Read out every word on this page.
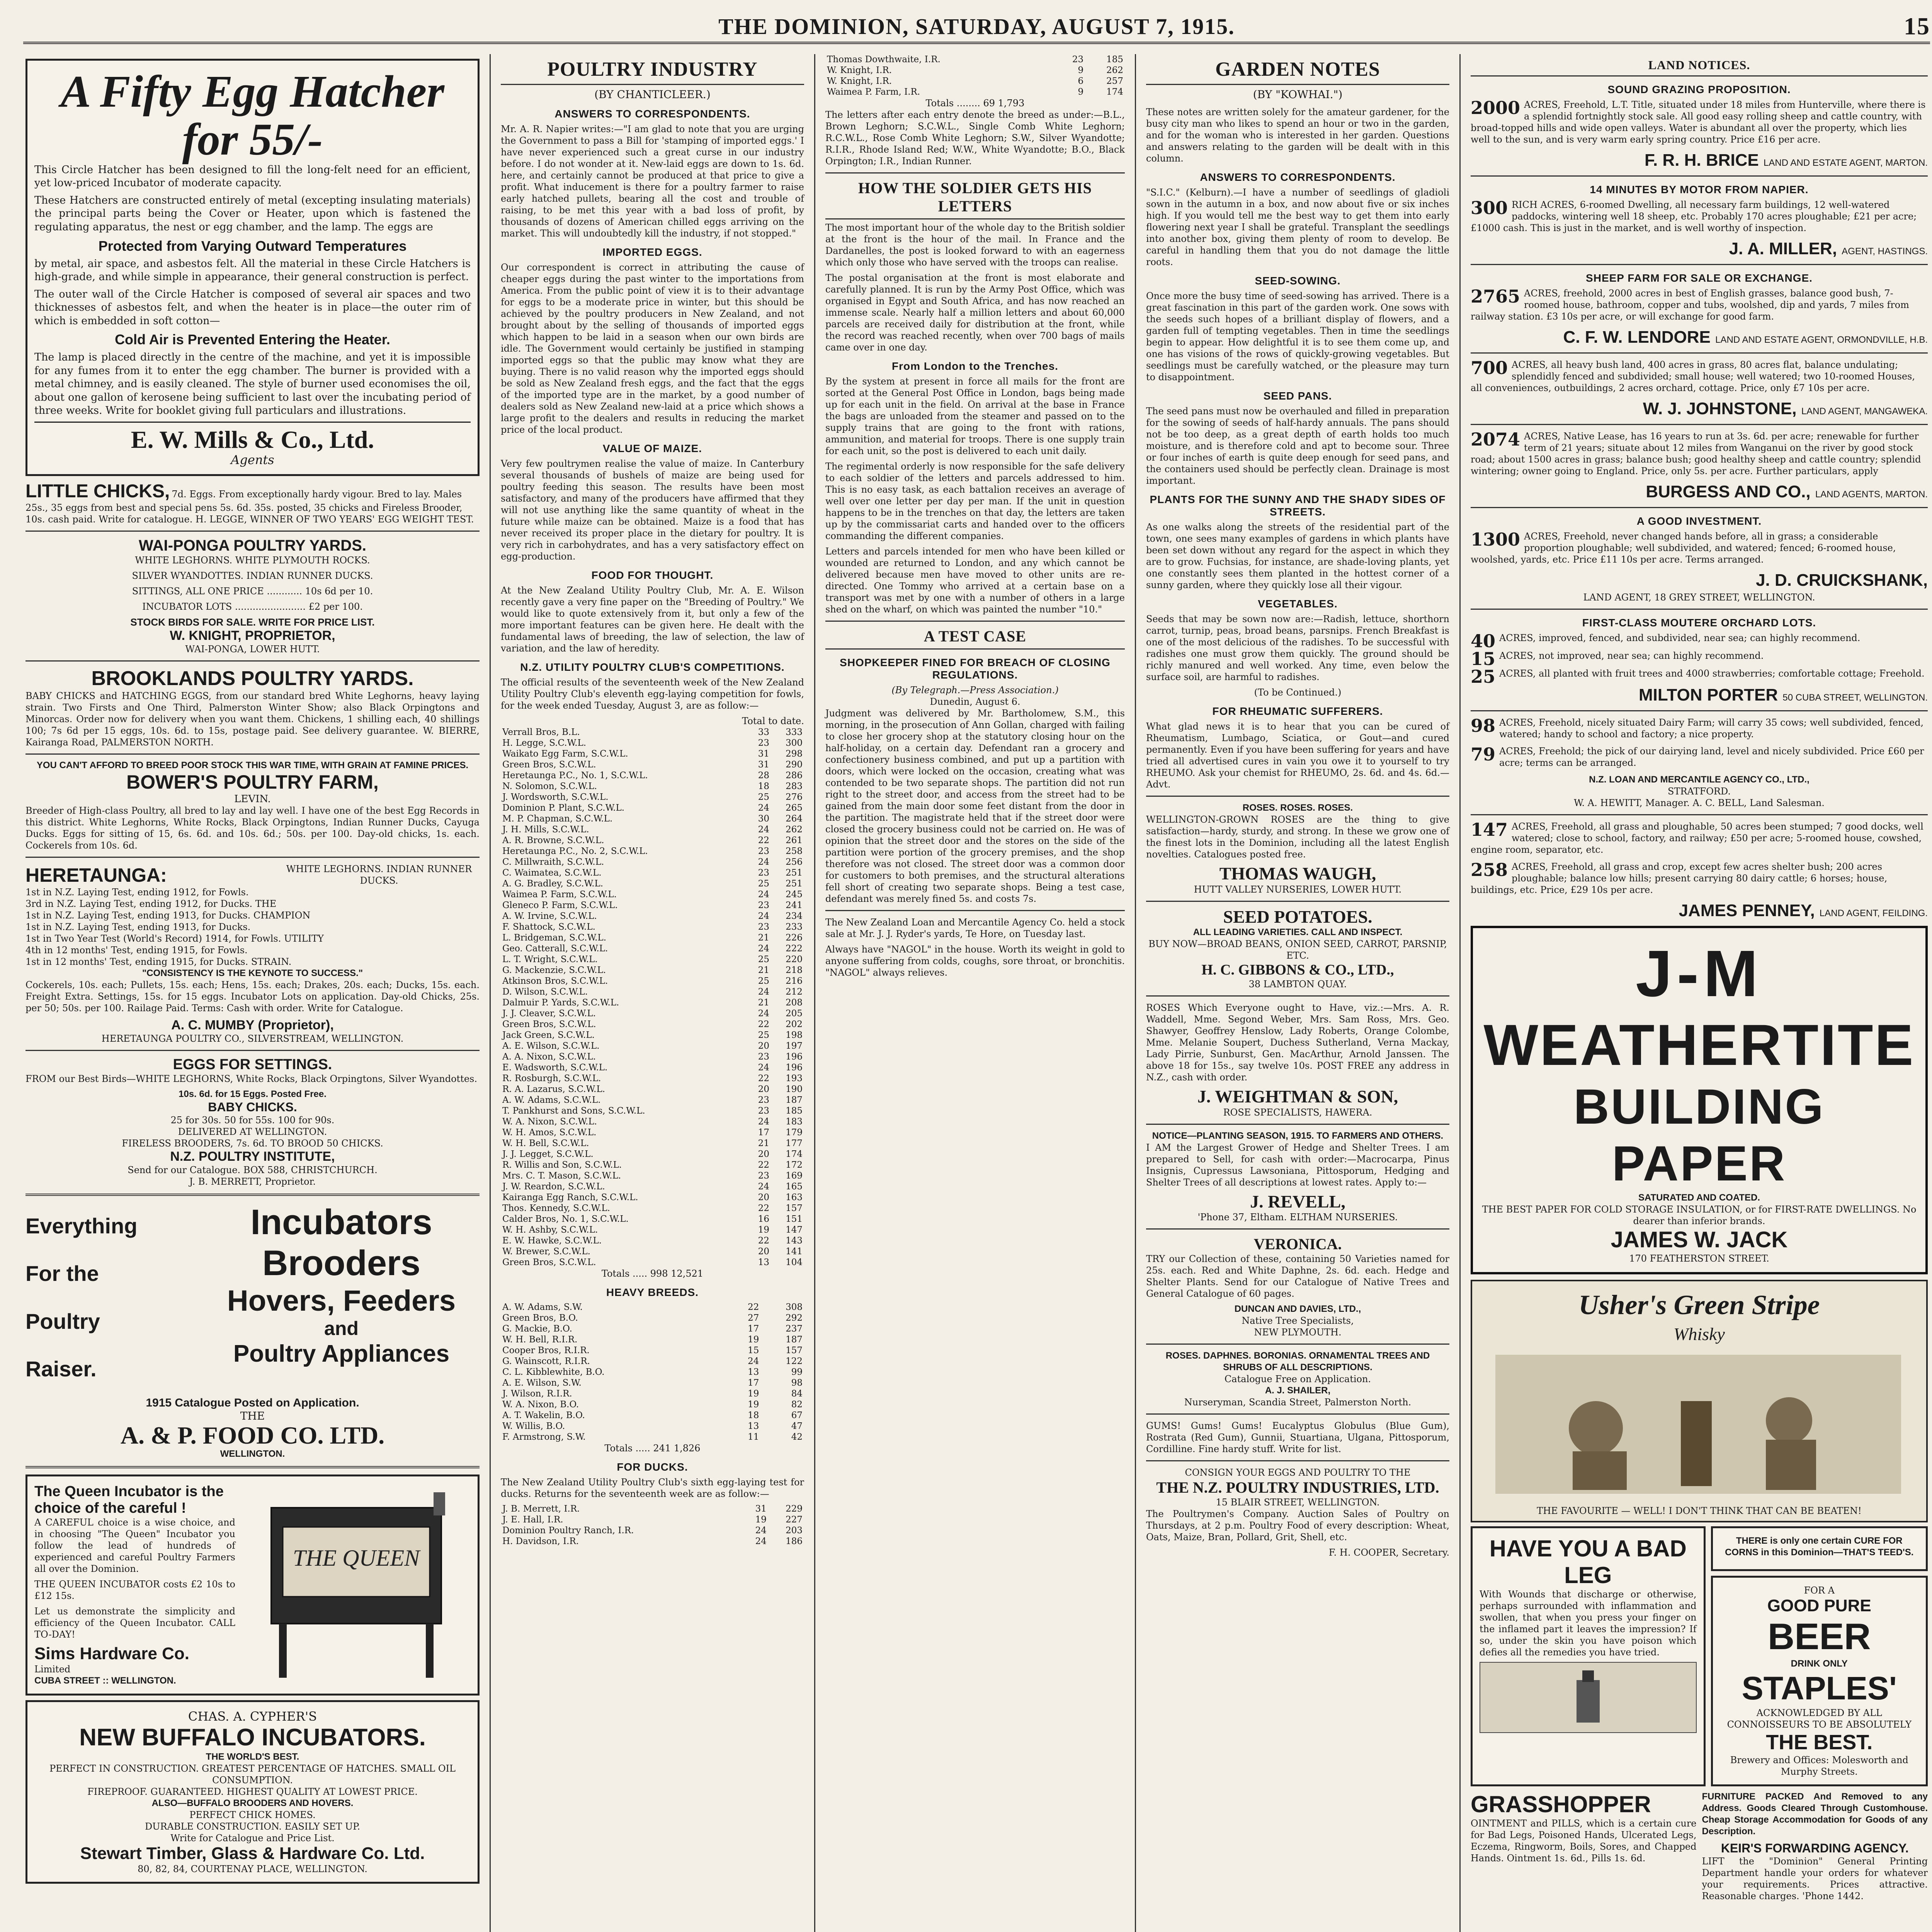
THE DOMINION, SATURDAY, AUGUST 7, 1915.	15
A Fifty Egg Hatcher for 55/-

This Circle Hatcher has been designed to fill the long-felt need for an efficient, yet low-priced Incubator of moderate capacity.

These Hatchers are constructed entirely of metal (excepting insulating materials) the principal parts being the Cover or Heater, upon which is fastened the regulating apparatus, the nest or egg chamber, and the lamp. The eggs are

Protected from Varying Outward Temperatures

by metal, air space, and asbestos felt. All the material in these Circle Hatchers is high-grade, and while simple in appearance, their general construction is perfect.

The outer wall of the Circle Hatcher is composed of several air spaces and two thicknesses of asbestos felt, and when the heater is in place—the outer rim of which is embedded in soft cotton—

Cold Air is Prevented Entering the Heater.

The lamp is placed directly in the centre of the machine, and yet it is impossible for any fumes from it to enter the egg chamber. The burner is provided with a metal chimney, and is easily cleaned. The style of burner used economises the oil, about one gallon of kerosene being sufficient to last over the incubating period of three weeks. Write for booklet giving full particulars and illustrations.

E. W. Mills & Co., Ltd.
Agents
LITTLE CHICKS, 7d. Eggs. From exceptionally hardy vigour. Bred to lay. Males 25s., 35 eggs from best and special pens 5s. 6d. 35s. posted, 35 chicks and Fireless Brooder, 10s. cash paid. Write for catalogue. H. LEGGE, WINNER OF TWO YEARS' EGG WEIGHT TEST.
WAI-PONGA POULTRY YARDS.
WHITE LEGHORNS. WHITE PLYMOUTH ROCKS.
SILVER WYANDOTTES. INDIAN RUNNER DUCKS.
SITTINGS, ALL ONE PRICE ............ 10s 6d per 10.
INCUBATOR LOTS ........................ £2 per 100.
STOCK BIRDS FOR SALE. WRITE FOR PRICE LIST.
W. KNIGHT, PROPRIETOR,
WAI-PONGA, LOWER HUTT.
BROOKLANDS POULTRY YARDS.

BABY CHICKS and HATCHING EGGS, from our standard bred White Leghorns, heavy laying strain. Two Firsts and One Third, Palmerston Winter Show; also Black Orpingtons and Minorcas. Order now for delivery when you want them. Chickens, 1 shilling each, 40 shillings 100; 7s 6d per 15 eggs, 10s. 6d. to 15s, postage paid. See delivery guarantee. W. BIERRE, Kairanga Road, PALMERSTON NORTH.

YOU CAN'T AFFORD TO BREED POOR STOCK THIS WAR TIME, WITH GRAIN AT FAMINE PRICES.
BOWER'S POULTRY FARM,
LEVIN.

Breeder of High-class Poultry, all bred to lay and lay well. I have one of the best Egg Records in this district. White Leghorns, White Rocks, Black Orpingtons, Indian Runner Ducks, Cayuga Ducks. Eggs for sitting of 15, 6s. 6d. and 10s. 6d.; 50s. per 100. Day-old chicks, 1s. each. Cockerels from 10s. 6d.

HERETAUNGA:	WHITE LEGHORNS. INDIAN RUNNER DUCKS.
1st in N.Z. Laying Test, ending 1912, for Fowls.
3rd in N.Z. Laying Test, ending 1912, for Ducks. THE
1st in N.Z. Laying Test, ending 1913, for Ducks. CHAMPION
1st in N.Z. Laying Test, ending 1913, for Ducks.
1st in Two Year Test (World's Record) 1914, for Fowls. UTILITY
4th in 12 months' Test, ending 1915, for Fowls.
1st in 12 months' Test, ending 1915, for Ducks. STRAIN.
"CONSISTENCY IS THE KEYNOTE TO SUCCESS."

Cockerels, 10s. each; Pullets, 15s. each; Hens, 15s. each; Drakes, 20s. each; Ducks, 15s. each. Freight Extra. Settings, 15s. for 15 eggs. Incubator Lots on application. Day-old Chicks, 25s. per 50; 50s. per 100. Railage Paid. Terms: Cash with order. Write for Catalogue.

A. C. MUMBY (Proprietor),
HERETAUNGA POULTRY CO., SILVERSTREAM, WELLINGTON.
EGGS FOR SETTINGS.

FROM our Best Birds—WHITE LEGHORNS, White Rocks, Black Orpingtons, Silver Wyandottes.

10s. 6d. for 15 Eggs. Posted Free.
BABY CHICKS.
25 for 30s. 50 for 55s. 100 for 90s.
DELIVERED AT WELLINGTON.
FIRELESS BROODERS, 7s. 6d. TO BROOD 50 CHICKS.
N.Z. POULTRY INSTITUTE,
Send for our Catalogue. BOX 588, CHRISTCHURCH.
J. B. MERRETT, Proprietor.
Everything
For the
Poultry
Raiser.
Incubators
Brooders
Hovers, Feeders
and
Poultry Appliances
1915 Catalogue Posted on Application.
THE
A. & P. FOOD CO. LTD.
WELLINGTON.
The Queen Incubator is the choice of the careful !

A CAREFUL choice is a wise choice, and in choosing "The Queen" Incubator you follow the lead of hundreds of experienced and careful Poultry Farmers all over the Dominion.

THE QUEEN INCUBATOR costs £2 10s to £12 15s.

Let us demonstrate the simplicity and efficiency of the Queen Incubator. CALL TO-DAY!

Sims Hardware Co.
Limited
CUBA STREET :: WELLINGTON.
THE QUEEN
CHAS. A. CYPHER'S
NEW BUFFALO INCUBATORS.
THE WORLD'S BEST.
PERFECT IN CONSTRUCTION. GREATEST PERCENTAGE OF HATCHES. SMALL OIL CONSUMPTION.
FIREPROOF. GUARANTEED. HIGHEST QUALITY AT LOWEST PRICE.
ALSO—BUFFALO BROODERS AND HOVERS.
PERFECT CHICK HOMES.
DURABLE CONSTRUCTION. EASILY SET UP.
Write for Catalogue and Price List.
Stewart Timber, Glass & Hardware Co. Ltd.
80, 82, 84, COURTENAY PLACE, WELLINGTON.
POULTRY INDUSTRY
(BY CHANTICLEER.)
ANSWERS TO CORRESPONDENTS.

Mr. A. R. Napier writes:—"I am glad to note that you are urging the Government to pass a Bill for 'stamping of imported eggs.' I have never experienced such a great curse in our industry before. I do not wonder at it. New-laid eggs are down to 1s. 6d. here, and certainly cannot be produced at that price to give a profit. What inducement is there for a poultry farmer to raise early hatched pullets, bearing all the cost and trouble of raising, to be met this year with a bad loss of profit, by thousands of dozens of American chilled eggs arriving on the market. This will undoubtedly kill the industry, if not stopped."

IMPORTED EGGS.

Our correspondent is correct in attributing the cause of cheaper eggs during the past winter to the importations from America. From the public point of view it is to their advantage for eggs to be a moderate price in winter, but this should be achieved by the poultry producers in New Zealand, and not brought about by the selling of thousands of imported eggs which happen to be laid in a season when our own birds are idle. The Government would certainly be justified in stamping imported eggs so that the public may know what they are buying. There is no valid reason why the imported eggs should be sold as New Zealand fresh eggs, and the fact that the eggs of the imported type are in the market, by a good number of dealers sold as New Zealand new-laid at a price which shows a large profit to the dealers and results in reducing the market price of the local product.

VALUE OF MAIZE.

Very few poultrymen realise the value of maize. In Canterbury several thousands of bushels of maize are being used for poultry feeding this season. The results have been most satisfactory, and many of the producers have affirmed that they will not use anything like the same quantity of wheat in the future while maize can be obtained. Maize is a food that has never received its proper place in the dietary for poultry. It is very rich in carbohydrates, and has a very satisfactory effect on egg-production.

FOOD FOR THOUGHT.

At the New Zealand Utility Poultry Club, Mr. A. E. Wilson recently gave a very fine paper on the "Breeding of Poultry." We would like to quote extensively from it, but only a few of the more important features can be given here. He dealt with the fundamental laws of breeding, the law of selection, the law of variation, and the law of heredity.

N.Z. UTILITY POULTRY CLUB'S COMPETITIONS.

The official results of the seventeenth week of the New Zealand Utility Poultry Club's eleventh egg-laying competition for fowls, for the week ended Tuesday, August 3, are as follow:—

Total to date.
Verrall Bros, B.L.	33	333
H. Legge, S.C.W.L.	23	300
Waikato Egg Farm, S.C.W.L.	31	298
Green Bros, S.C.W.L.	31	290
Heretaunga P.C., No. 1, S.C.W.L.	28	286
N. Solomon, S.C.W.L.	18	283
J. Wordsworth, S.C.W.L.	25	276
Dominion P. Plant, S.C.W.L.	24	265
M. P. Chapman, S.C.W.L.	30	264
J. H. Mills, S.C.W.L.	24	262
A. R. Browne, S.C.W.L.	22	261
Heretaunga P.C., No. 2, S.C.W.L.	23	258
C. Millwraith, S.C.W.L.	24	256
C. Waimatea, S.C.W.L.	23	251
A. G. Bradley, S.C.W.L.	25	251
Waimea P. Farm, S.C.W.L.	24	245
Gleneco P. Farm, S.C.W.L.	23	241
A. W. Irvine, S.C.W.L.	24	234
F. Shattock, S.C.W.L.	23	233
L. Bridgeman, S.C.W.L.	21	226
Geo. Catterall, S.C.W.L.	24	222
L. T. Wright, S.C.W.L.	25	220
G. Mackenzie, S.C.W.L.	21	218
Atkinson Bros, S.C.W.L.	25	216
D. Wilson, S.C.W.L.	24	212
Dalmuir P. Yards, S.C.W.L.	21	208
J. J. Cleaver, S.C.W.L.	24	205
Green Bros, S.C.W.L.	22	202
Jack Green, S.C.W.L.	25	198
A. E. Wilson, S.C.W.L.	20	197
A. A. Nixon, S.C.W.L.	23	196
E. Wadsworth, S.C.W.L.	24	196
R. Rosburgh, S.C.W.L.	22	193
R. A. Lazarus, S.C.W.L.	20	190
A. W. Adams, S.C.W.L.	23	187
T. Pankhurst and Sons, S.C.W.L.	23	185
W. A. Nixon, S.C.W.L.	24	183
W. H. Amos, S.C.W.L.	17	179
W. H. Bell, S.C.W.L.	21	177
J. J. Legget, S.C.W.L.	20	174
R. Willis and Son, S.C.W.L.	22	172
Mrs. C. T. Mason, S.C.W.L.	23	169
J. W. Reardon, S.C.W.L.	24	165
Kairanga Egg Ranch, S.C.W.L.	20	163
Thos. Kennedy, S.C.W.L.	22	157
Calder Bros, No. 1, S.C.W.L.	16	151
W. H. Ashby, S.C.W.L.	19	147
E. W. Hawke, S.C.W.L.	22	143
W. Brewer, S.C.W.L.	20	141
Green Bros, S.C.W.L.	13	104
Totals ..... 998 12,521
HEAVY BREEDS.
A. W. Adams, S.W.	22	308
Green Bros, B.O.	27	292
G. Mackie, B.O.	17	237
W. H. Bell, R.I.R.	19	187
Cooper Bros, R.I.R.	15	157
G. Wainscott, R.I.R.	24	122
C. L. Kibblewhite, B.O.	13	99
A. E. Wilson, S.W.	17	98
J. Wilson, R.I.R.	19	84
W. A. Nixon, B.O.	19	82
A. T. Wakelin, B.O.	18	67
W. Willis, B.O.	13	47
F. Armstrong, S.W.	11	42
Totals ..... 241 1,826
FOR DUCKS.

The New Zealand Utility Poultry Club's sixth egg-laying test for ducks. Returns for the seventeenth week are as follow:—

J. B. Merrett, I.R.	31	229
J. E. Hall, I.R.	19	227
Dominion Poultry Ranch, I.R.	24	203
H. Davidson, I.R.	24	186
Thomas Dowthwaite, I.R.	23	185
W. Knight, I.R.	9	262
W. Knight, I.R.	6	257
Waimea P. Farm, I.R.	9	174
Totals ........ 69 1,793

The letters after each entry denote the breed as under:—B.L., Brown Leghorn; S.C.W.L., Single Comb White Leghorn; R.C.W.L., Rose Comb White Leghorn; S.W., Silver Wyandotte; R.I.R., Rhode Island Red; W.W., White Wyandotte; B.O., Black Orpington; I.R., Indian Runner.

HOW THE SOLDIER GETS HIS LETTERS

The most important hour of the whole day to the British soldier at the front is the hour of the mail. In France and the Dardanelles, the post is looked forward to with an eagerness which only those who have served with the troops can realise.

The postal organisation at the front is most elaborate and carefully planned. It is run by the Army Post Office, which was organised in Egypt and South Africa, and has now reached an immense scale. Nearly half a million letters and about 60,000 parcels are received daily for distribution at the front, while the record was reached recently, when over 700 bags of mails came over in one day.

From London to the Trenches.

By the system at present in force all mails for the front are sorted at the General Post Office in London, bags being made up for each unit in the field. On arrival at the base in France the bags are unloaded from the steamer and passed on to the supply trains that are going to the front with rations, ammunition, and material for troops. There is one supply train for each unit, so the post is delivered to each unit daily.

The regimental orderly is now responsible for the safe delivery to each soldier of the letters and parcels addressed to him. This is no easy task, as each battalion receives an average of well over one letter per day per man. If the unit in question happens to be in the trenches on that day, the letters are taken up by the commissariat carts and handed over to the officers commanding the different companies.

Letters and parcels intended for men who have been killed or wounded are returned to London, and any which cannot be delivered because men have moved to other units are re-directed. One Tommy who arrived at a certain base on a transport was met by one with a number of others in a large shed on the wharf, on which was painted the number "10."

A TEST CASE
SHOPKEEPER FINED FOR BREACH OF CLOSING REGULATIONS.
(By Telegraph.—Press Association.)
Dunedin, August 6.

Judgment was delivered by Mr. Bartholomew, S.M., this morning, in the prosecution of Ann Gollan, charged with failing to close her grocery shop at the statutory closing hour on the half-holiday, on a certain day. Defendant ran a grocery and confectionery business combined, and put up a partition with doors, which were locked on the occasion, creating what was contended to be two separate shops. The partition did not run right to the street door, and access from the street had to be gained from the main door some feet distant from the door in the partition. The magistrate held that if the street door were closed the grocery business could not be carried on. He was of opinion that the street door and the stores on the side of the partition were portion of the grocery premises, and the shop therefore was not closed. The street door was a common door for customers to both premises, and the structural alterations fell short of creating two separate shops. Being a test case, defendant was merely fined 5s. and costs 7s.

The New Zealand Loan and Mercantile Agency Co. held a stock sale at Mr. J. J. Ryder's yards, Te Hore, on Tuesday last.

Always have "NAGOL" in the house. Worth its weight in gold to anyone suffering from colds, coughs, sore throat, or bronchitis. "NAGOL" always relieves.

GARDEN NOTES
(BY "KOWHAI.")

These notes are written solely for the amateur gardener, for the busy city man who likes to spend an hour or two in the garden, and for the woman who is interested in her garden. Questions and answers relating to the garden will be dealt with in this column.

ANSWERS TO CORRESPONDENTS.

"S.I.C." (Kelburn).—I have a number of seedlings of gladioli sown in the autumn in a box, and now about five or six inches high. If you would tell me the best way to get them into early flowering next year I shall be grateful. Transplant the seedlings into another box, giving them plenty of room to develop. Be careful in handling them that you do not damage the little roots.

SEED-SOWING.

Once more the busy time of seed-sowing has arrived. There is a great fascination in this part of the garden work. One sows with the seeds such hopes of a brilliant display of flowers, and a garden full of tempting vegetables. Then in time the seedlings begin to appear. How delightful it is to see them come up, and one has visions of the rows of quickly-growing vegetables. But seedlings must be carefully watched, or the pleasure may turn to disappointment.

SEED PANS.

The seed pans must now be overhauled and filled in preparation for the sowing of seeds of half-hardy annuals. The pans should not be too deep, as a great depth of earth holds too much moisture, and is therefore cold and apt to become sour. Three or four inches of earth is quite deep enough for seed pans, and the containers used should be perfectly clean. Drainage is most important.

PLANTS FOR THE SUNNY AND THE SHADY SIDES OF STREETS.

As one walks along the streets of the residential part of the town, one sees many examples of gardens in which plants have been set down without any regard for the aspect in which they are to grow. Fuchsias, for instance, are shade-loving plants, yet one constantly sees them planted in the hottest corner of a sunny garden, where they quickly lose all their vigour.

VEGETABLES.

Seeds that may be sown now are:—Radish, lettuce, shorthorn carrot, turnip, peas, broad beans, parsnips. French Breakfast is one of the most delicious of the radishes. To be successful with radishes one must grow them quickly. The ground should be richly manured and well worked. Any time, even below the surface soil, are harmful to radishes.

(To be Continued.)
FOR RHEUMATIC SUFFERERS.

What glad news it is to hear that you can be cured of Rheumatism, Lumbago, Sciatica, or Gout—and cured permanently. Even if you have been suffering for years and have tried all advertised cures in vain you owe it to yourself to try RHEUMO. Ask your chemist for RHEUMO, 2s. 6d. and 4s. 6d.—Advt.

ROSES. ROSES. ROSES.

WELLINGTON-GROWN ROSES are the thing to give satisfaction—hardy, sturdy, and strong. In these we grow one of the finest lots in the Dominion, including all the latest English novelties. Catalogues posted free.

THOMAS WAUGH,
HUTT VALLEY NURSERIES, LOWER HUTT.
SEED POTATOES.
ALL LEADING VARIETIES. CALL AND INSPECT.
BUY NOW—BROAD BEANS, ONION SEED, CARROT, PARSNIP, ETC.
H. C. GIBBONS & CO., LTD.,
38 LAMBTON QUAY.

ROSES Which Everyone ought to Have, viz.:—Mrs. A. R. Waddell, Mme. Segond Weber, Mrs. Sam Ross, Mrs. Geo. Shawyer, Geoffrey Henslow, Lady Roberts, Orange Colombe, Mme. Melanie Soupert, Duchess Sutherland, Verna Mackay, Lady Pirrie, Sunburst, Gen. MacArthur, Arnold Janssen. The above 18 for 15s., say twelve 10s. POST FREE any address in N.Z., cash with order.

J. WEIGHTMAN & SON,
ROSE SPECIALISTS, HAWERA.
NOTICE—PLANTING SEASON, 1915. TO FARMERS AND OTHERS.

I AM the Largest Grower of Hedge and Shelter Trees. I am prepared to Sell, for cash with order:—Macrocarpa, Pinus Insignis, Cupressus Lawsoniana, Pittosporum, Hedging and Shelter Trees of all descriptions at lowest rates. Apply to:—

J. REVELL,
'Phone 37, Eltham. ELTHAM NURSERIES.
VERONICA.

TRY our Collection of these, containing 50 Varieties named for 25s. each. Red and White Daphne, 2s. 6d. each. Hedge and Shelter Plants. Send for our Catalogue of Native Trees and General Catalogue of 60 pages.

DUNCAN AND DAVIES, LTD.,
Native Tree Specialists,
NEW PLYMOUTH.
ROSES. DAPHNES. BORONIAS. ORNAMENTAL TREES AND SHRUBS OF ALL DESCRIPTIONS.
Catalogue Free on Application.
A. J. SHAILER,
Nurseryman, Scandia Street, Palmerston North.

GUMS! Gums! Gums! Eucalyptus Globulus (Blue Gum), Rostrata (Red Gum), Gunnii, Stuartiana, Ulgana, Pittosporum, Cordilline. Fine hardy stuff. Write for list.

CONSIGN YOUR EGGS AND POULTRY TO THE
THE N.Z. POULTRY INDUSTRIES, LTD.
15 BLAIR STREET, WELLINGTON.

The Poultrymen's Company. Auction Sales of Poultry on Thursdays, at 2 p.m. Poultry Food of every description: Wheat, Oats, Maize, Bran, Pollard, Grit, Shell, etc.

F. H. COOPER, Secretary.
LAND NOTICES.
SOUND GRAZING PROPOSITION.
2000 ACRES, Freehold, L.T. Title, situated under 18 miles from Hunterville, where there is a splendid fortnightly stock sale. All good easy rolling sheep and cattle country, with broad-topped hills and wide open valleys. Water is abundant all over the property, which lies well to the sun, and is very warm early spring country. Price £16 per acre.
F. R. H. BRICE LAND AND ESTATE AGENT, MARTON.
14 MINUTES BY MOTOR FROM NAPIER.
300 RICH ACRES, 6-roomed Dwelling, all necessary farm buildings, 12 well-watered paddocks, wintering well 18 sheep, etc. Probably 170 acres ploughable; £21 per acre; £1000 cash. This is just in the market, and is well worthy of inspection.
J. A. MILLER, AGENT, HASTINGS.
SHEEP FARM FOR SALE OR EXCHANGE.
2765 ACRES, freehold, 2000 acres in best of English grasses, balance good bush, 7-roomed house, bathroom, copper and tubs, woolshed, dip and yards, 7 miles from railway station. £3 10s per acre, or will exchange for good farm.
C. F. W. LENDORE LAND AND ESTATE AGENT, ORMONDVILLE, H.B.
700 ACRES, all heavy bush land, 400 acres in grass, 80 acres flat, balance undulating; splendidly fenced and subdivided; small house; well watered; two 10-roomed Houses, all conveniences, outbuildings, 2 acres orchard, cottage. Price, only £7 10s per acre.
W. J. JOHNSTONE, LAND AGENT, MANGAWEKA.
2074 ACRES, Native Lease, has 16 years to run at 3s. 6d. per acre; renewable for further term of 21 years; situate about 12 miles from Wanganui on the river by good stock road; about 1500 acres in grass; balance bush; good healthy sheep and cattle country; splendid wintering; owner going to England. Price, only 5s. per acre. Further particulars, apply
BURGESS AND CO., LAND AGENTS, MARTON.
A GOOD INVESTMENT.
1300 ACRES, Freehold, never changed hands before, all in grass; a considerable proportion ploughable; well subdivided, and watered; fenced; 6-roomed house, woolshed, yards, etc. Price £11 10s per acre. Terms arranged.
J. D. CRUICKSHANK,
LAND AGENT, 18 GREY STREET, WELLINGTON.
FIRST-CLASS MOUTERE ORCHARD LOTS.
40 ACRES, improved, fenced, and subdivided, near sea; can highly recommend.
15 ACRES, not improved, near sea; can highly recommend.
25 ACRES, all planted with fruit trees and 4000 strawberries; comfortable cottage; Freehold.
MILTON PORTER 50 CUBA STREET, WELLINGTON.
98 ACRES, Freehold, nicely situated Dairy Farm; will carry 35 cows; well subdivided, fenced, watered; handy to school and factory; a nice property.
79 ACRES, Freehold; the pick of our dairying land, level and nicely subdivided. Price £60 per acre; terms can be arranged.
N.Z. LOAN AND MERCANTILE AGENCY CO., LTD.,
STRATFORD.
W. A. HEWITT, Manager. A. C. BELL, Land Salesman.
147 ACRES, Freehold, all grass and ploughable, 50 acres been stumped; 7 good docks, well watered; close to school, factory, and railway; £50 per acre; 5-roomed house, cowshed, engine room, separator, etc.
258 ACRES, Freehold, all grass and crop, except few acres shelter bush; 200 acres ploughable; balance low hills; present carrying 80 dairy cattle; 6 horses; house, buildings, etc. Price, £29 10s per acre.
JAMES PENNEY, LAND AGENT, FEILDING.
J-M
WEATHERTITE
BUILDING PAPER
SATURATED AND COATED.
THE BEST PAPER FOR COLD STORAGE INSULATION, or for FIRST-RATE DWELLINGS. No dearer than inferior brands.
JAMES W. JACK
170 FEATHERSTON STREET.
Usher's Green Stripe
Whisky
THE FAVOURITE — WELL! I DON'T THINK THAT CAN BE BEATEN!
HAVE YOU A BAD LEG

With Wounds that discharge or otherwise, perhaps surrounded with inflammation and swollen, that when you press your finger on the inflamed part it leaves the impression? If so, under the skin you have poison which defies all the remedies you have tried.

THERE is only one certain CURE FOR CORNS in this Dominion—THAT'S TEED'S.

FOR A
GOOD PURE
BEER
DRINK ONLY
STAPLES'
ACKNOWLEDGED BY ALL CONNOISSEURS TO BE ABSOLUTELY
THE BEST.
Brewery and Offices: Molesworth and Murphy Streets.
GRASSHOPPER

OINTMENT and PILLS, which is a certain cure for Bad Legs, Poisoned Hands, Ulcerated Legs, Eczema, Ringworm, Boils, Sores, and Chapped Hands. Ointment 1s. 6d., Pills 1s. 6d.

FURNITURE PACKED And Removed to any Address. Goods Cleared Through Customhouse. Cheap Storage Accommodation for Goods of any Description.

KEIR'S FORWARDING AGENCY.

LIFT the "Dominion" General Printing Department handle your orders for whatever your requirements. Prices attractive. Reasonable charges. 'Phone 1442.
